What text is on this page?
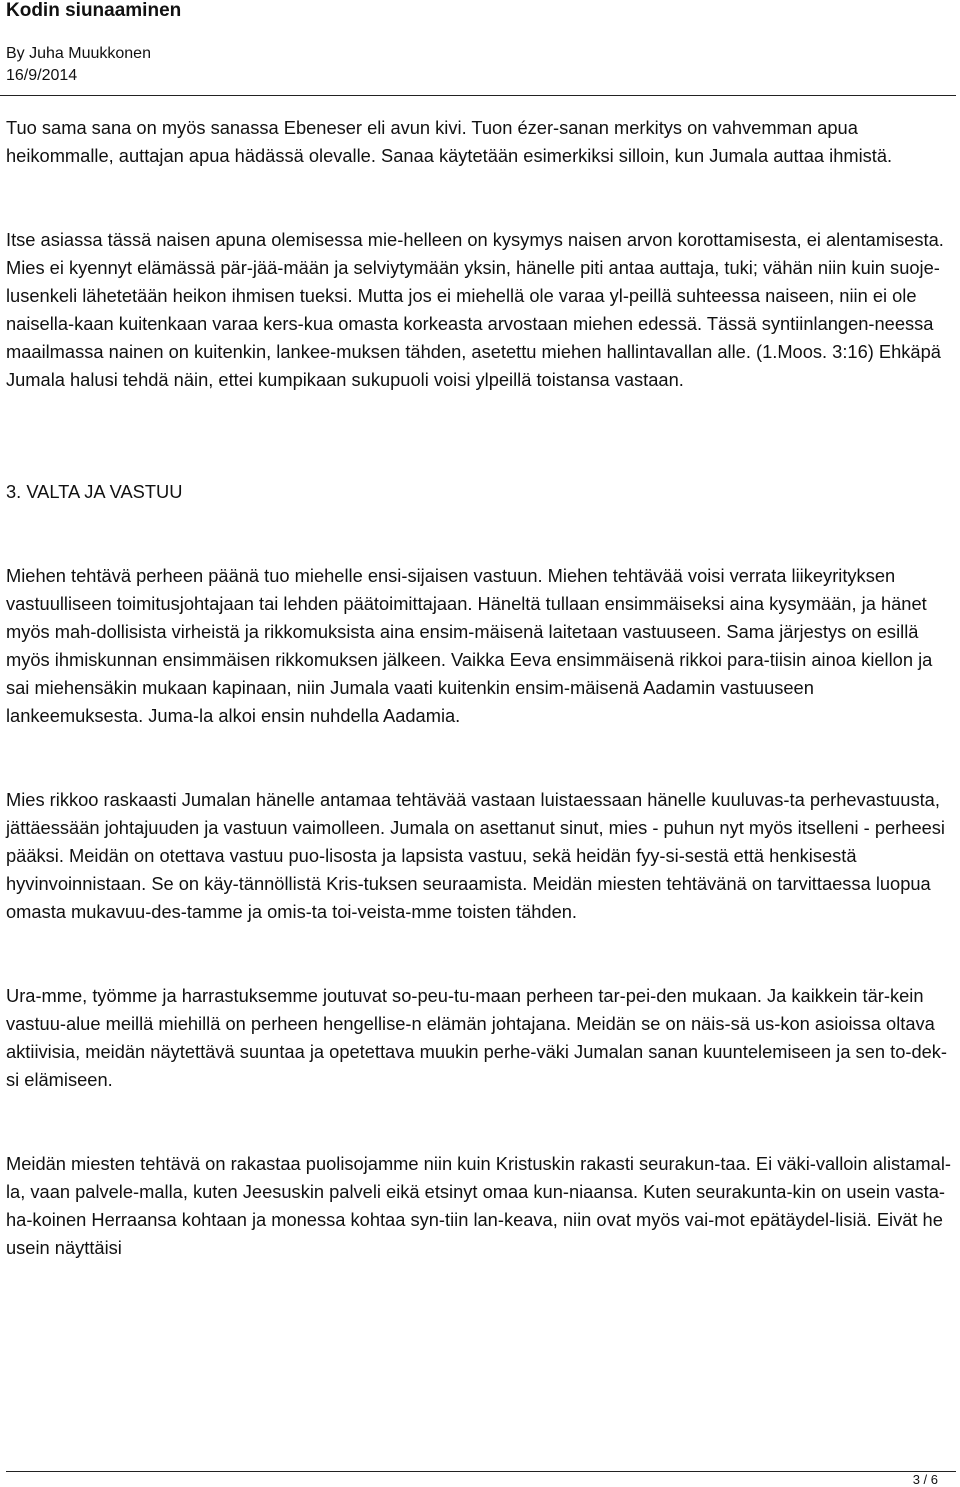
Kodin siunaaminen
By Juha Muukkonen
16/9/2014

Tuo sama sana on myös sanassa Ebeneser eli avun kivi. Tuon ézer-sanan merkitys on vahvemman apua heikommalle, auttajan apua hädässä olevalle. Sanaa käytetään esimerkiksi silloin, kun Jumala auttaa ihmistä.

Itse asiassa tässä naisen apuna olemisessa mie-helleen on kysymys naisen arvon korottamisesta, ei alentamisesta. Mies ei kyennyt elämässä pär-jää-mään ja selviytymään yksin, hänelle piti antaa auttaja, tuki; vähän niin kuin suoje-lusenkeli lähetetään heikon ihmisen tueksi. Mutta jos ei miehellä ole varaa yl-peillä suhteessa naiseen, niin ei ole naisella-kaan kuitenkaan varaa kers-kua omasta korkeasta arvostaan miehen edessä. Tässä syntiinlangen-neessa maailmassa nainen on kuitenkin, lankee-muksen tähden, asetettu miehen hallintavallan alle. (1.Moos. 3:16) Ehkäpä Jumala halusi tehdä näin, ettei kumpikaan sukupuoli voisi ylpeillä toistansa vastaan.

3. VALTA JA VASTUU

Miehen tehtävä perheen päänä tuo miehelle ensi-sijaisen vastuun. Miehen tehtävää voisi verrata liikeyrityksen vastuulliseen toimitusjohtajaan tai lehden päätoimittajaan. Häneltä tullaan ensimmäiseksi aina kysymään, ja hänet myös mah-dollisista virheistä ja rikkomuksista aina ensim-mäisenä laitetaan vastuuseen. Sama järjestys on esillä myös ihmiskunnan ensimmäisen rikkomuksen jälkeen. Vaikka Eeva ensimmäisenä rikkoi para-tiisin ainoa kiellon ja sai miehensäkin mukaan kapinaan, niin Jumala vaati kuitenkin ensim-mäisenä Aadamin vastuuseen lankeemuksesta. Juma-la alkoi ensin nuhdella Aadamia.

Mies rikkoo raskaasti Jumalan hänelle antamaa tehtävää vastaan luistaessaan hänelle kuuluvas-ta perhevastuusta, jättäessään johtajuuden ja vastuun vaimolleen. Jumala on asettanut sinut, mies - puhun nyt myös itselleni - perheesi pääksi. Meidän on otettava vastuu puo-lisosta ja lapsista vastuu, sekä heidän fyy-si-sestä että henkisestä hyvinvoinnistaan. Se on käy-tännöllistä Kris-tuksen seuraamista. Meidän miesten tehtävänä on tarvittaessa luopua omasta mukavuu-des-tamme ja omis-ta toi-veista-mme toisten tähden.

Ura-mme, työmme ja harrastuksemme joutuvat so-peu-tu-maan perheen tar-pei-den mukaan. Ja kaikkein tär-kein vastuu-alue meillä miehillä on perheen hengellise-n elämän johtajana. Meidän se on näis-sä us-kon asioissa oltava aktiivisia, meidän näytettävä suuntaa ja opetettava muukin perhe-väki Jumalan sanan kuuntelemiseen ja sen to-dek-si elämiseen.

Meidän miesten tehtävä on rakastaa puolisojamme niin kuin Kristuskin rakasti seurakun-taa. Ei väki-valloin alistamal-la, vaan palvele-malla, kuten Jeesuskin palveli eikä etsinyt omaa kun-niaansa. Kuten seurakunta-kin on usein vasta-ha-koinen Herraansa kohtaan ja monessa kohtaa syn-tiin lan-keava, niin ovat myös vai-mot epätäydel-lisiä. Eivät he usein näyttäisi

3 / 6
